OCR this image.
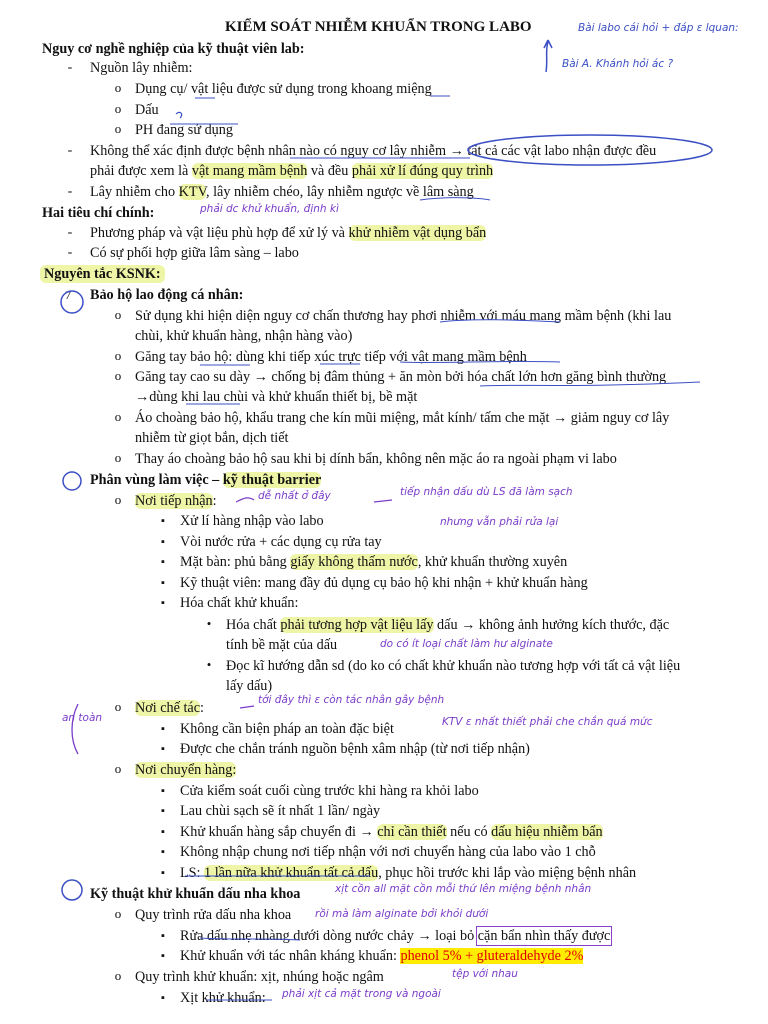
KIỂM SOÁT NHIỄM KHUẨN TRONG LABO
Nguy cơ nghề nghiệp của kỹ thuật viên lab:
-	Nguồn lây nhiễm:
o Dụng cụ/ vật liệu được sử dụng trong khoang miệng
o Dấu
o PH đang sử dụng
-	Không thể xác định được bệnh nhân nào có nguy cơ lây nhiễm → tất cả các vật labo nhận được đều
phải được xem là vật mang mầm bệnh và đều phải xử lí đúng quy trình
-	Lây nhiễm cho KTV, lây nhiễm chéo, lây nhiễm ngược về lâm sàng
Hai tiêu chí chính:
-	Phương pháp và vật liệu phù hợp để xử lý và khử nhiễm vật dụng bẩn
-	Có sự phối hợp giữa lâm sàng – labo
Nguyên tắc KSNK:
7 Bảo hộ lao động cá nhân:
o Sử dụng khi hiện diện nguy cơ chấn thương hay phơi nhiễm với máu mang mầm bệnh (khi lau
chùi, khử khuẩn hàng, nhận hàng vào)
o Găng tay bảo hộ: dùng khi tiếp xúc trực tiếp với vật mang mầm bệnh
o Găng tay cao su dày → chống bị đâm thủng + ăn mòn bởi hóa chất lớn hơn găng bình thường
→dùng khi lau chùi và khử khuẩn thiết bị, bề mặt
o Áo choàng bảo hộ, khẩu trang che kín mũi miệng, mắt kính/ tấm che mặt → giảm nguy cơ lây
nhiễm từ giọt bắn, dịch tiết
o Thay áo choàng bảo hộ sau khi bị dính bẩn, không nên mặc áo ra ngoài phạm vi labo
Phân vùng làm việc – kỹ thuật barrier
o Nơi tiếp nhận:
▪	Xử lí hàng nhập vào labo
▪	Vòi nước rửa + các dụng cụ rửa tay
▪	Mặt bàn: phủ bằng giấy không thấm nước, khử khuẩn thường xuyên
▪	Kỹ thuật viên: mang đầy đủ dụng cụ bảo hộ khi nhận + khử khuẩn hàng
▪	Hóa chất khử khuẩn:
•	Hóa chất phải tương hợp vật liệu lấy dấu → không ảnh hưởng kích thước, đặc
tính bề mặt của dấu
•	Đọc kĩ hướng dẫn sd (do ko có chất khử khuẩn nào tương hợp với tất cả vật liệu
lấy dấu)
o Nơi chế tác:
▪	Không cần biện pháp an toàn đặc biệt
▪	Được che chắn tránh nguồn bệnh xâm nhập (từ nơi tiếp nhận)
o Nơi chuyển hàng:
▪	Cửa kiểm soát cuối cùng trước khi hàng ra khỏi labo
▪	Lau chùi sạch sẽ ít nhất 1 lần/ ngày
▪	Khử khuẩn hàng sắp chuyển đi → chỉ cần thiết nếu có dấu hiệu nhiễm bẩn
▪	Không nhập chung nơi tiếp nhận với nơi chuyển hàng của labo vào 1 chỗ
▪	LS: 1 lần nữa khử khuẩn tất cả dấu, phục hồi trước khi lắp vào miệng bệnh nhân
Kỹ thuật khử khuẩn dấu nha khoa
o Quy trình rửa dấu nha khoa
▪	Rửa dấu nhẹ nhàng dưới dòng nước chảy → loại bỏ cặn bẩn nhìn thấy được
▪	Khử khuẩn với tác nhân kháng khuẩn: phenol 5% + gluteraldehyde 2%
o Quy trình khử khuẩn: xịt, nhúng hoặc ngâm
▪	Xịt khử khuẩn:
Bài labo cái hỏi + đáp ε lquan:
Bài A. Khánh hỏi ác ?
phải dc khử khuẩn, định kì
dễ nhất ở đây	tiếp nhận dấu dù LS đã làm sạch
nhưng vẫn phải rửa lại
do có ít loại chất làm hư alginate
tới đây thì ε còn tác nhân gây bệnh
KTV ε nhất thiết phải che chắn quá mức
an toàn
xịt cồn all mặt cồn mỗi thứ lên miệng bệnh nhân
rồi mà làm alginate bởi khỏi dưới
tệp với nhau
phải xịt cả mặt trong và ngoài
